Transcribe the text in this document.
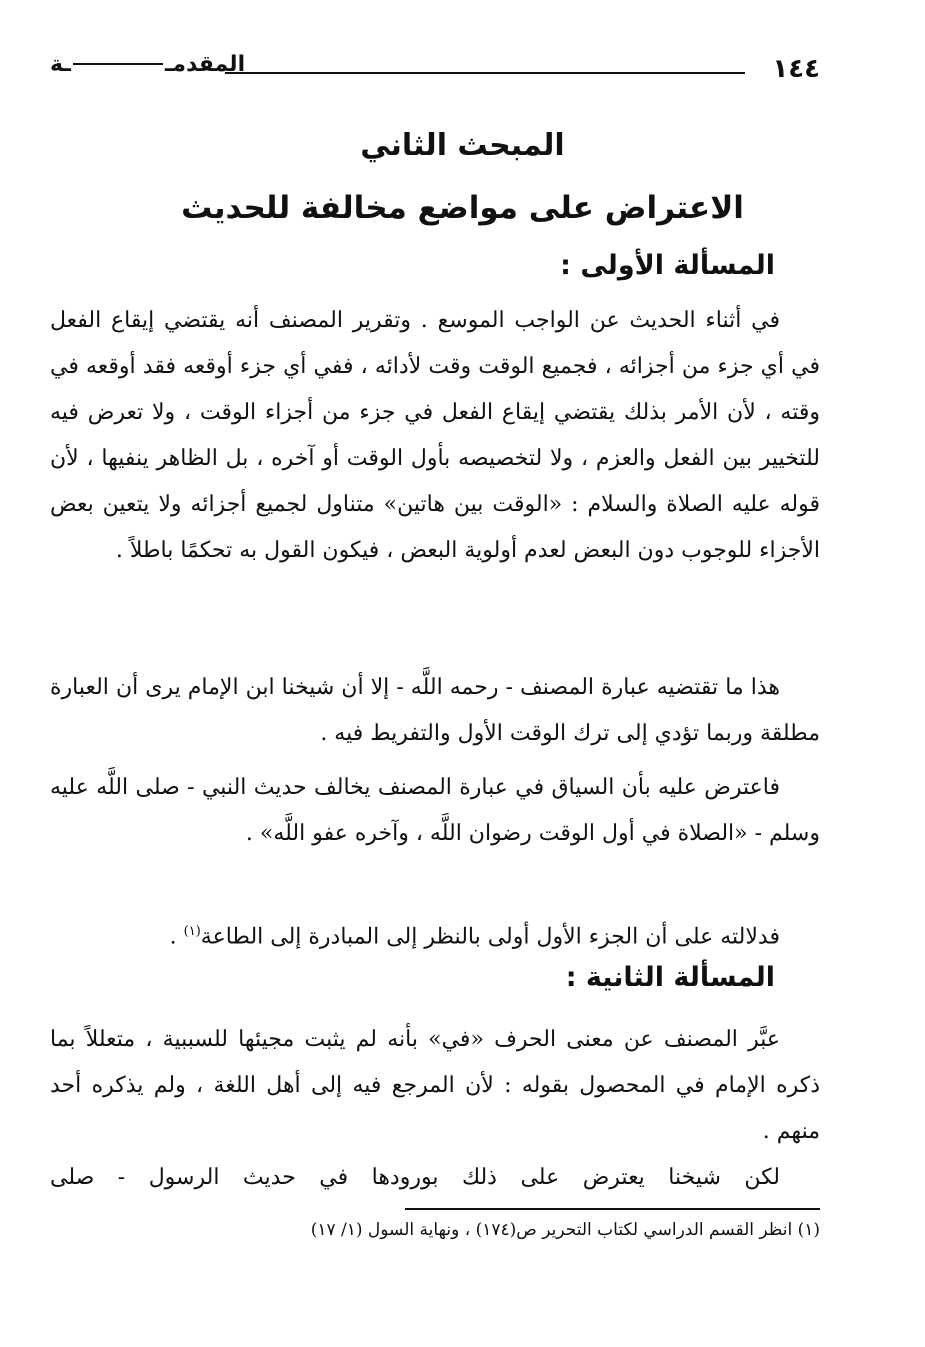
١٤٤
المقدمــة
المبحث الثاني
الاعتراض على مواضع مخالفة للحديث
المسألة الأولى :

في أثناء الحديث عن الواجب الموسع . وتقرير المصنف أنه يقتضي إيقاع الفعل في أي جزء من أجزائه ، فجميع الوقت وقت لأدائه ، ففي أي جزء أوقعه فقد أوقعه في وقته ، لأن الأمر بذلك يقتضي إيقاع الفعل في جزء من أجزاء الوقت ، ولا تعرض فيه للتخيير بين الفعل والعزم ، ولا لتخصيصه بأول الوقت أو آخره ، بل الظاهر ينفيها ، لأن قوله عليه الصلاة والسلام : «الوقت بين هاتين» متناول لجميع أجزائه ولا يتعين بعض الأجزاء للوجوب دون البعض لعدم أولوية البعض ، فيكون القول به تحكمًا باطلاً .

هذا ما تقتضيه عبارة المصنف - رحمه اللَّه - إلا أن شيخنا ابن الإمام يرى أن العبارة مطلقة وربما تؤدي إلى ترك الوقت الأول والتفريط فيه .

فاعترض عليه بأن السياق في عبارة المصنف يخالف حديث النبي - صلى اللَّه عليه وسلم - «الصلاة في أول الوقت رضوان اللَّه ، وآخره عفو اللَّه» .

فدلالته على أن الجزء الأول أولى بالنظر إلى المبادرة إلى الطاعة$^{(١)}$ .

المسألة الثانية :

عبَّر المصنف عن معنى الحرف «في» بأنه لم يثبت مجيئها للسببية ، متعللاً بما ذكره الإمام في المحصول بقوله : لأن المرجع فيه إلى أهل اللغة ، ولم يذكره أحد منهم .

لكن شيخنا يعترض على ذلك بورودها في حديث الرسول - صلى

(١) انظر القسم الدراسي لكتاب التحرير ص(١٧٤) ، ونهاية السول (١/ ١٧)
